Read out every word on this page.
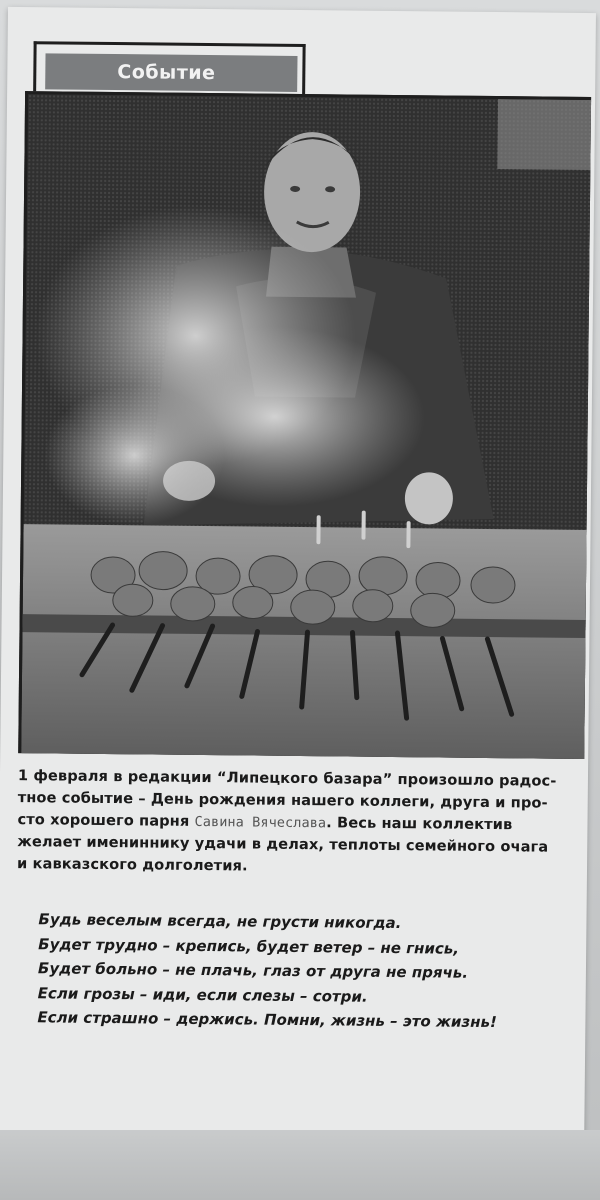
Событие
1 февраля в редакции “Липецкого базара” произошло радос-
тное событие – День рождения нашего коллеги, друга и про-
сто хорошего парня Савина Вячеслава. Весь наш коллектив
желает имениннику удачи в делах, теплоты семейного очага
и кавказского долголетия.
Будь веселым всегда, не грусти никогда.
Будет трудно – крепись, будет ветер – не гнись,
Будет больно – не плачь, глаз от друга не прячь.
Если грозы – иди, если слезы – сотри.
Если страшно – держись. Помни, жизнь – это жизнь!
